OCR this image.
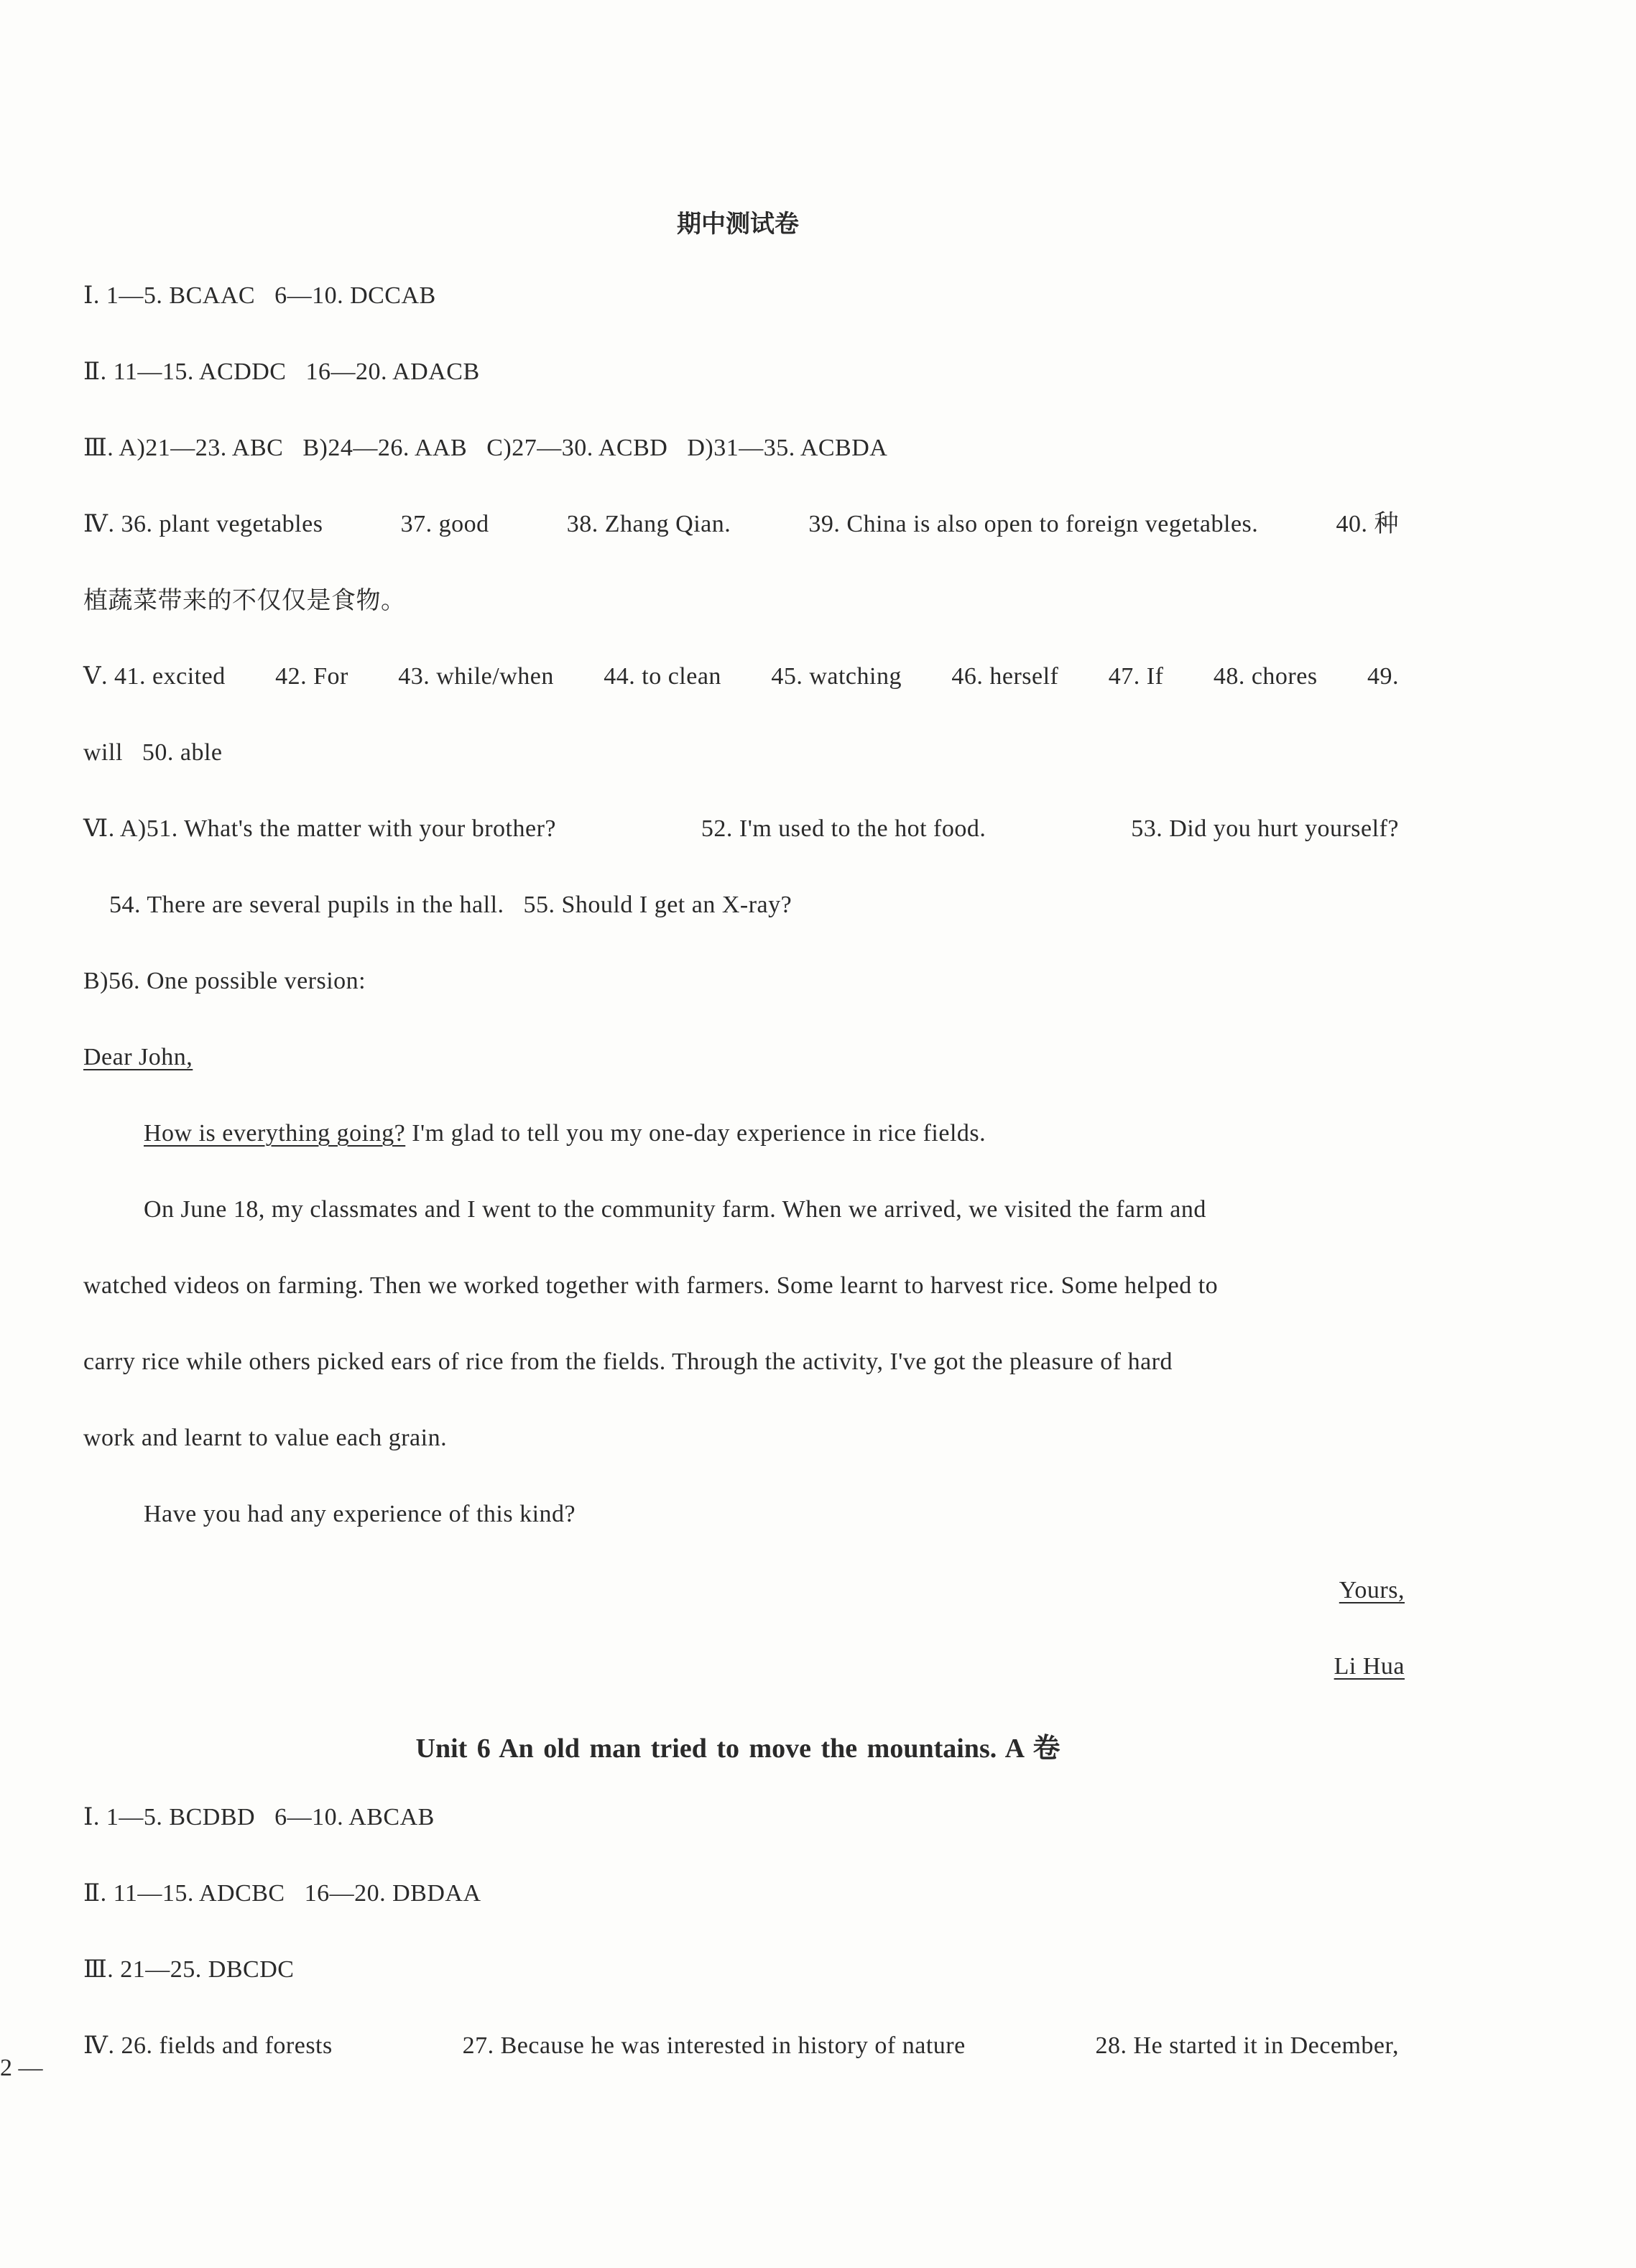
期中测试卷
Ⅰ. 1—5. BCAAC   6—10. DCCAB
Ⅱ. 11—15. ACDDC   16—20. ADACB
Ⅲ. A)21—23. ABC   B)24—26. AAB   C)27—30. ACBD   D)31—35. ACBDA
Ⅳ. 36. plant vegetables	37. good	38. Zhang Qian.	39. China is also open to foreign vegetables.	40. 种
植蔬菜带来的不仅仅是食物。
Ⅴ. 41. excited 42. For 43. while/when 44. to clean 45. watching 46. herself 47. If 48. chores 49.
will   50. able
Ⅵ. A)51. What's the matter with your brother?	52. I'm used to the hot food.	53. Did you hurt yourself?
54. There are several pupils in the hall.   55. Should I get an X-ray?
B)56. One possible version:
Dear John,
How is everything going? I'm glad to tell you my one-day experience in rice fields.
On June 18, my classmates and I went to the community farm. When we arrived, we visited the farm and
watched videos on farming. Then we worked together with farmers. Some learnt to harvest rice. Some helped to
carry rice while others picked ears of rice from the fields. Through the activity, I've got the pleasure of hard
work and learnt to value each grain.
Have you had any experience of this kind?
Yours,
Li Hua
Unit 6 An old man tried to move the mountains. A 卷
Ⅰ. 1—5. BCDBD   6—10. ABCAB
Ⅱ. 11—15. ADCBC   16—20. DBDAA
Ⅲ. 21—25. DBCDC
Ⅳ. 26. fields and forests	27. Because he was interested in history of nature	28. He started it in December,
2 —
